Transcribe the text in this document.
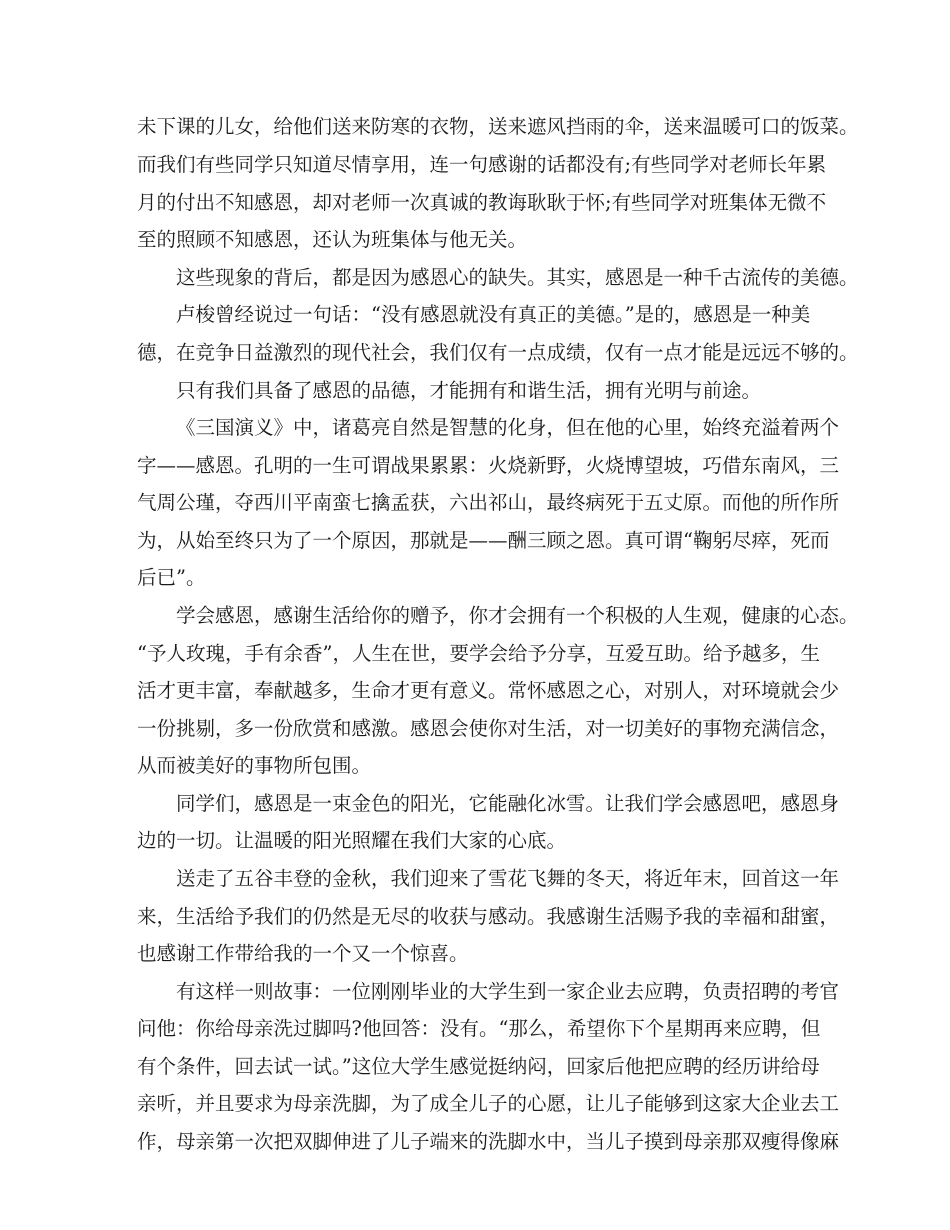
未下课的儿女，给他们送来防寒的衣物，送来遮风挡雨的伞，送来温暖可口的饭菜。
而我们有些同学只知道尽情享用，连一句感谢的话都没有;有些同学对老师长年累
月的付出不知感恩，却对老师一次真诚的教诲耿耿于怀;有些同学对班集体无微不
至的照顾不知感恩，还认为班集体与他无关。
这些现象的背后，都是因为感恩心的缺失。其实，感恩是一种千古流传的美德。
卢梭曾经说过一句话：“没有感恩就没有真正的美德。”是的，感恩是一种美
德，在竞争日益激烈的现代社会，我们仅有一点成绩，仅有一点才能是远远不够的。
只有我们具备了感恩的品德，才能拥有和谐生活，拥有光明与前途。
《三国演义》中，诸葛亮自然是智慧的化身，但在他的心里，始终充溢着两个
字——感恩。孔明的一生可谓战果累累：火烧新野，火烧博望坡，巧借东南风，三
气周公瑾，夺西川平南蛮七擒孟获，六出祁山，最终病死于五丈原。而他的所作所
为，从始至终只为了一个原因，那就是——酬三顾之恩。真可谓“鞠躬尽瘁，死而
后已”。
学会感恩，感谢生活给你的赠予，你才会拥有一个积极的人生观，健康的心态。
“予人玫瑰，手有余香”，人生在世，要学会给予分享，互爱互助。给予越多，生
活才更丰富，奉献越多，生命才更有意义。常怀感恩之心，对别人，对环境就会少
一份挑剔，多一份欣赏和感激。感恩会使你对生活，对一切美好的事物充满信念，
从而被美好的事物所包围。
同学们，感恩是一束金色的阳光，它能融化冰雪。让我们学会感恩吧，感恩身
边的一切。让温暖的阳光照耀在我们大家的心底。
送走了五谷丰登的金秋，我们迎来了雪花飞舞的冬天，将近年末，回首这一年
来，生活给予我们的仍然是无尽的收获与感动。我感谢生活赐予我的幸福和甜蜜，
也感谢工作带给我的一个又一个惊喜。
有这样一则故事：一位刚刚毕业的大学生到一家企业去应聘，负责招聘的考官
问他：你给母亲洗过脚吗?他回答：没有。“那么，希望你下个星期再来应聘，但
有个条件，回去试一试。”这位大学生感觉挺纳闷，回家后他把应聘的经历讲给母
亲听，并且要求为母亲洗脚，为了成全儿子的心愿，让儿子能够到这家大企业去工
作，母亲第一次把双脚伸进了儿子端来的洗脚水中，当儿子摸到母亲那双瘦得像麻
